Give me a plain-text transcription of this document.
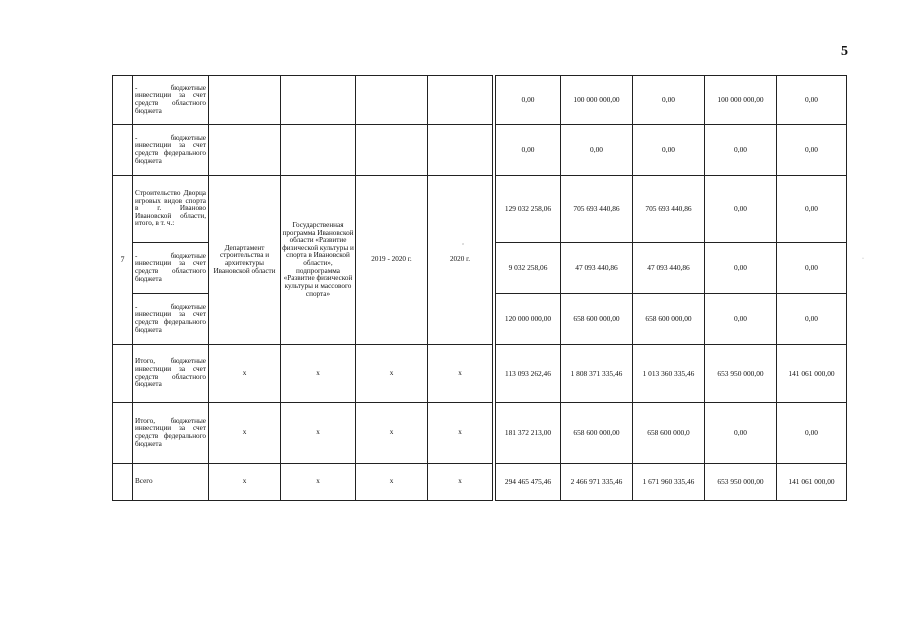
5
	- бюджетные инвестиции за счет средств областного бюджета						0,00	100 000 000,00	0,00	100 000 000,00	0,00
	- бюджетные инвестиции за счет средств федерального бюджета						0,00	0,00	0,00	0,00	0,00
7	Строительство Дворца игровых видов спорта в г. Иваново Ивановской области, итого, в т. ч.:	Департамент строительства и архитектуры Ивановской области	Государственная программа Ивановской области «Развитие физической культуры и спорта в Ивановской области», подпрограмма «Развитие физической культуры и массового спорта»	2019 - 2020 г.	2020 г.		129 032 258,06	705 693 440,86	705 693 440,86	0,00	0,00
	- бюджетные инвестиции за счет средств областного бюджета						9 032 258,06	47 093 440,86	47 093 440,86	0,00	0,00
	- бюджетные инвестиции за счет средств федерального бюджета						120 000 000,00	658 600 000,00	658 600 000,00	0,00	0,00
	Итого, бюджетные инвестиции за счет средств областного бюджета	х	х	х	х		113 093 262,46	1 808 371 335,46	1 013 360 335,46	653 950 000,00	141 061 000,00
	Итого, бюджетные инвестиции за счет средств федерального бюджета	х	х	х	х		181 372 213,00	658 600 000,00	658 600 000,0	0,00	0,00
	Всего	х	х	х	х		294 465 475,46	2 466 971 335,46	1 671 960 335,46	653 950 000,00	141 061 000,00
°
·
